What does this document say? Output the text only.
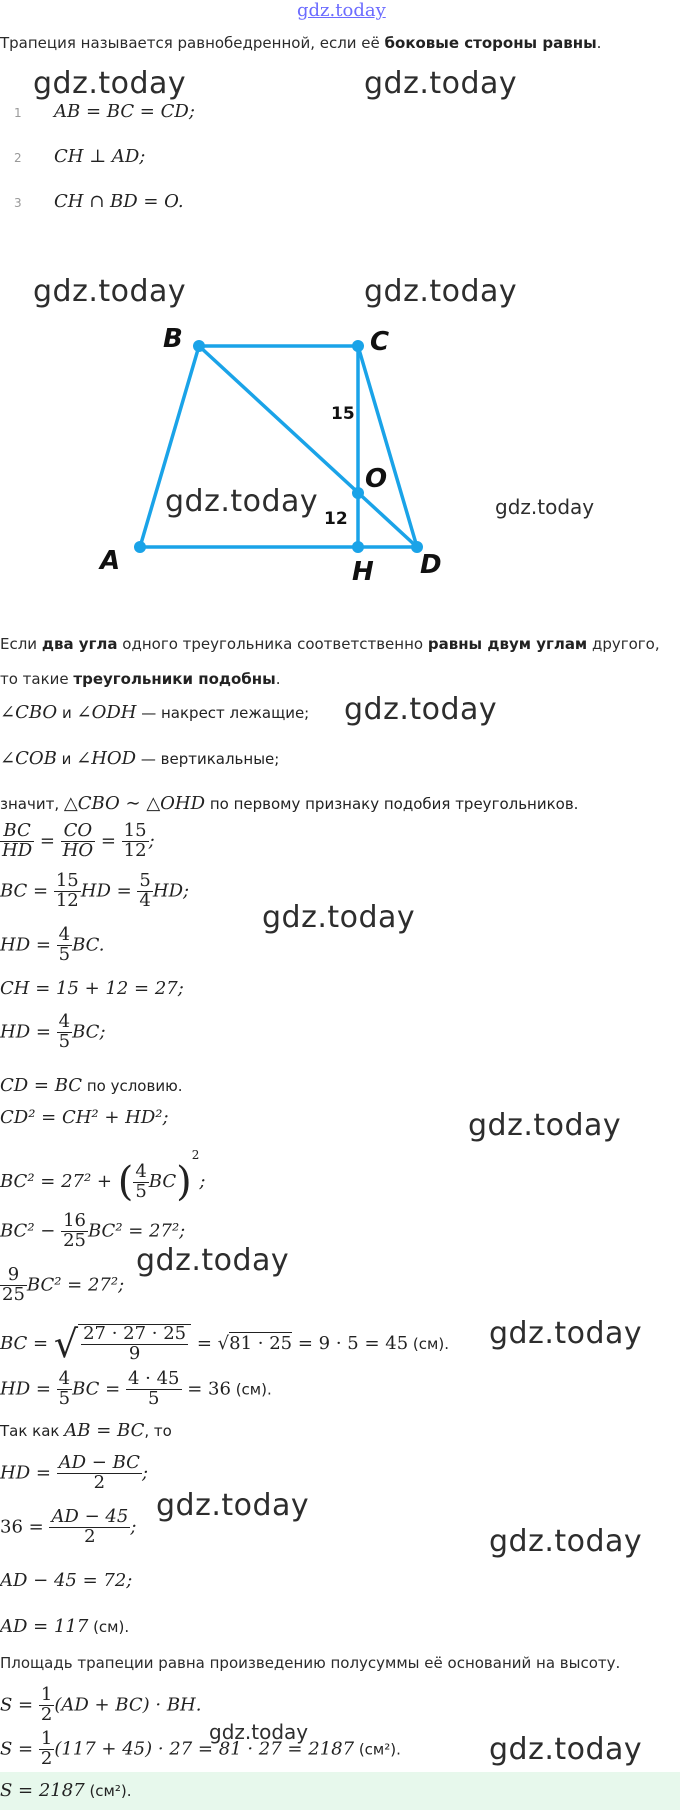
gdz.today
Трапеция называется равнобедренной, если её боковые стороны равны.
1 AB = BC = CD;
2 CH ⊥ AD;
3 CH ∩ BD = O.
B	C
A	D
H
O
15
12
gdz.today	gdz.today
gdz.today	gdz.today
gdz.today	gdz.today
gdz.today
gdz.today
gdz.today
gdz.today
gdz.today
gdz.today
gdz.today
gdz.today	gdz.today
Если два угла одного треугольника соответственно равны двум углам другого,
то такие треугольники подобны.
∠CBO и ∠ODH — накрест лежащие;
∠COB и ∠HOD — вертикальные;
значит, △CBO ∼ △OHD по первому признаку подобия треугольников.
$\frac{BC}{HD} = \frac{CO}{HO} = \frac{15}{12}$ ;
BC = $\frac{15}{12}$ HD = $\frac{5}{4}$ HD;
HD = $\frac{4}{5}$ BC.
CH = 15 + 12 = 27;
HD = $\frac{4}{5}$ BC;
CD = BC по условию.
CD² = CH² + HD²;
BC² = 27² + ( $\frac{4}{5} BC)^2$;
$BC^2 - \frac{16}{25} BC^2 = 27^2$;
$\frac{9}{25} BC^2 = 27^2$;
BC = √ $\frac{27 \cdot 27 \cdot 25}{9} = √81 \cdot 25 = 9 \cdot 5 = 45$ (см).
HD = $\frac{4}{5}$ BC = $\frac{4 \cdot 45}{5} = 36$ (см).
Так как AB = BC, то
HD = $\frac{AD - BC}{2}$ ;
$36 = \frac{AD - 45}{2}$ ;
AD − 45 = 72;
AD = 117 (см).
Площадь трапеции равна произведению полусуммы её оснований на высоту.
$S = \frac{1}{2} (AD + BC)$ · BH.
$S = \frac{1}{2} (117 + 45) \cdot 27 = 81 \cdot 27 = 2187$ (см²).
S = 2187 (см²).
